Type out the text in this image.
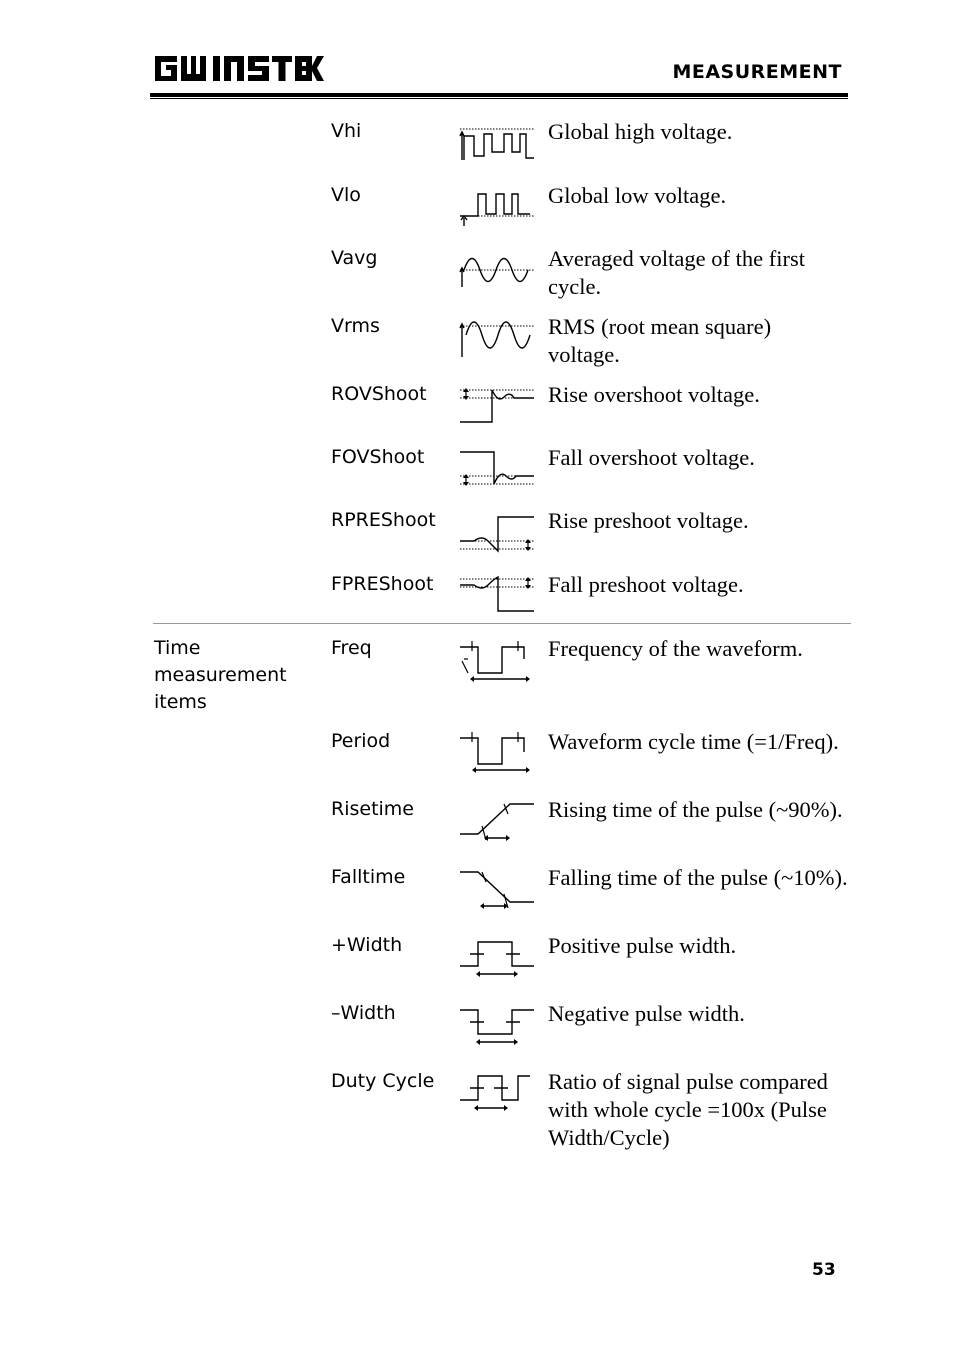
MEASUREMENT
Vhi	Global high voltage.
Vlo	Global low voltage.
Vavg	Averaged voltage of the first cycle.
Vrms	RMS (root mean square) voltage.
ROVShoot	Rise overshoot voltage.
FOVShoot	Fall overshoot voltage.
RPREShoot	Rise preshoot voltage.
FPREShoot	Fall preshoot voltage.
Time measurement items
Freq	Frequency of the waveform.
Period	Waveform cycle time (=1/Freq).
Risetime	Rising time of the pulse (~90%).
Falltime	Falling time of the pulse (~10%).
+Width	Positive pulse width.
–Width	Negative pulse width.
Duty Cycle	Ratio of signal pulse compared with whole cycle =100x (Pulse Width/Cycle)
53
